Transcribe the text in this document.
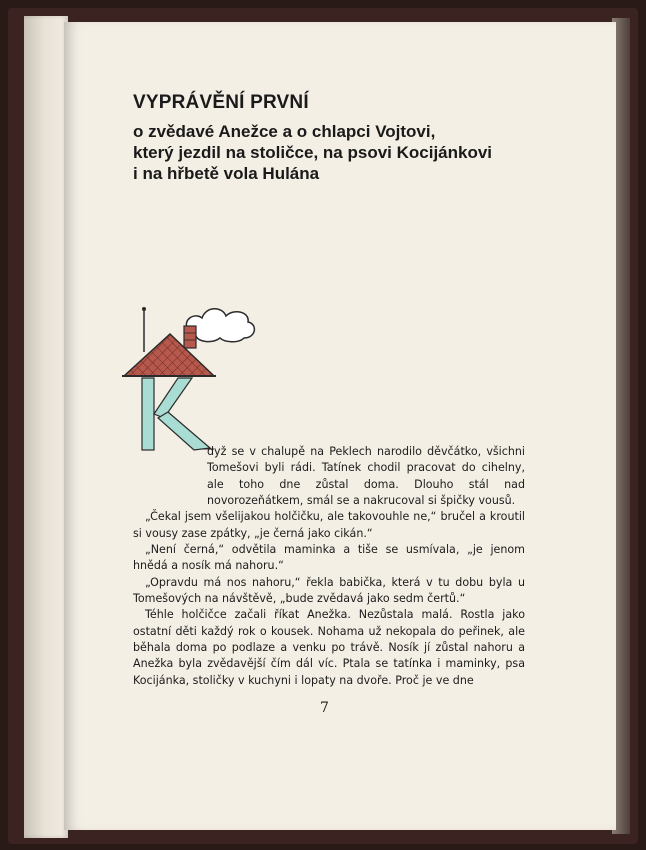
VYPRÁVĚNÍ PRVNÍ
o zvědavé Anežce a o chlapci Vojtovi,
který jezdil na stoličce, na psovi Kocijánkovi
i na hřbetě vola Hulána

dyž se v chalupě na Peklech narodilo děvčátko, všichni Tomešovi byli rádi. Tatínek chodil pracovat do cihelny, ale toho dne zůstal doma. Dlouho stál nad novorozeňátkem, smál se a nakrucoval si špičky vousů.

„Čekal jsem všelijakou holčičku, ale takovouhle ne,“ bručel a kroutil si vousy zase zpátky, „je černá jako cikán.“

„Není černá,“ odvětila maminka a tiše se usmívala, „je jenom hnědá a nosík má nahoru.“

„Opravdu má nos nahoru,“ řekla babička, která v tu dobu byla u Tomešových na návštěvě, „bude zvědavá jako sedm čertů.“

Téhle holčičce začali říkat Anežka. Nezůstala malá. Rostla jako ostatní děti každý rok o kousek. Nohama už nekopala do peřinek, ale běhala doma po podlaze a venku po trávě. Nosík jí zůstal nahoru a Anežka byla zvědavější čím dál víc. Ptala se tatínka i maminky, psa Kocijánka, stoličky v kuchyni i lopaty na dvoře. Proč je ve dne

7
